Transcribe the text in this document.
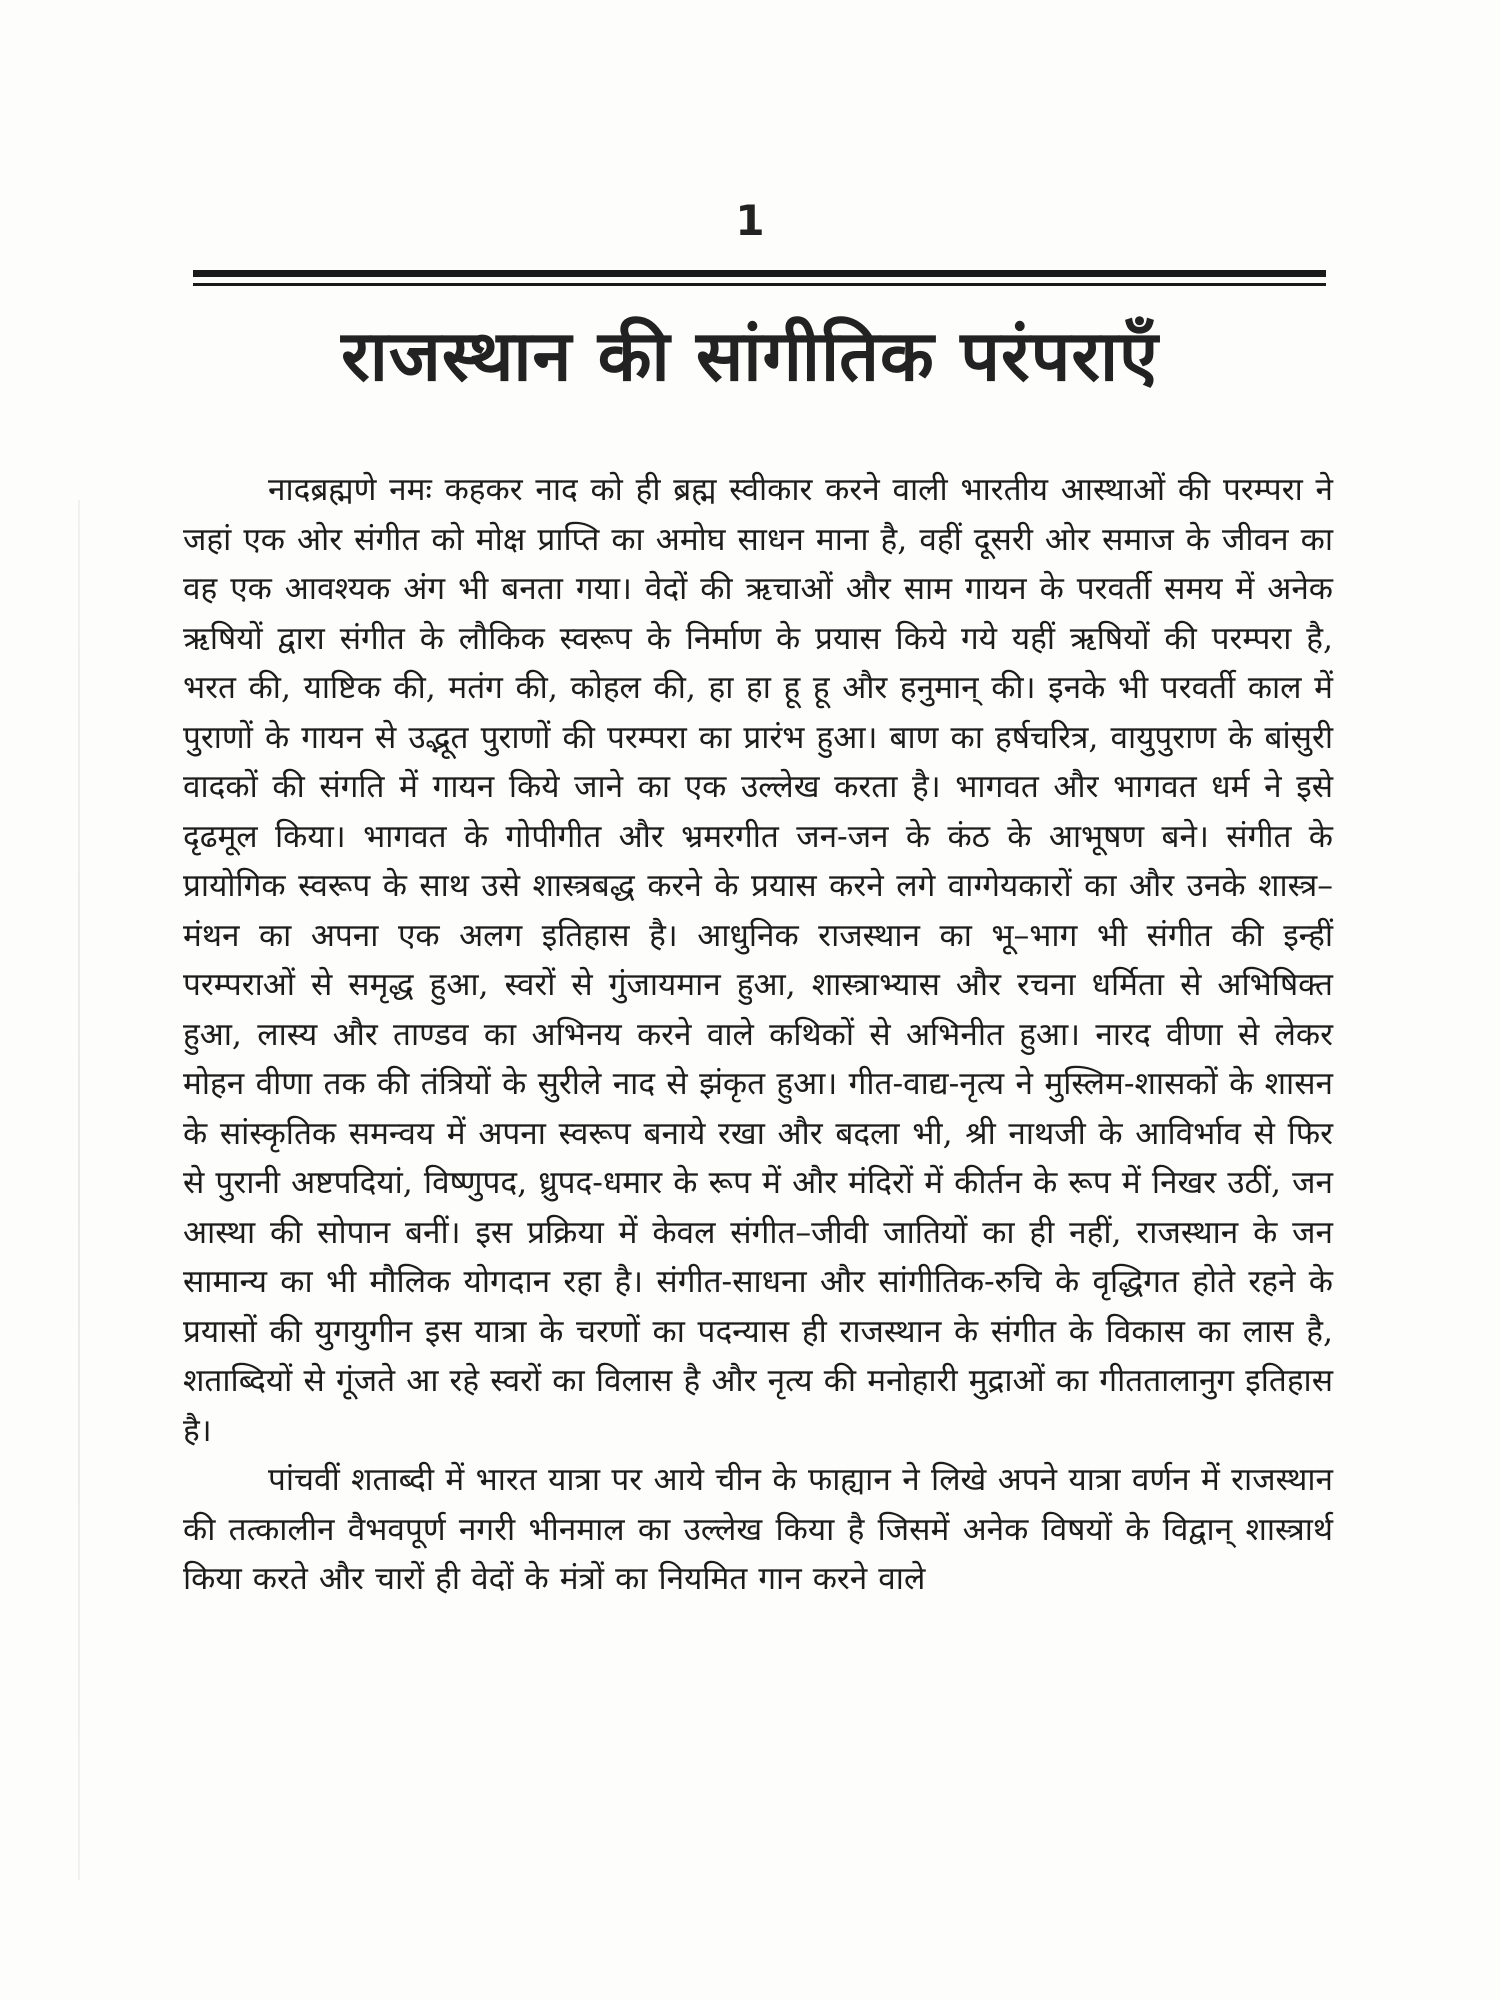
1
राजस्थान की सांगीतिक परंपराएँ

नादब्रह्मणे नमः कहकर नाद को ही ब्रह्म स्वीकार करने वाली भारतीय आस्थाओं की परम्परा ने जहां एक ओर संगीत को मोक्ष प्राप्ति का अमोघ साधन माना है, वहीं दूसरी ओर समाज के जीवन का वह एक आवश्यक अंग भी बनता गया। वेदों की ऋचाओं और साम गायन के परवर्ती समय में अनेक ऋषियों द्वारा संगीत के लौकिक स्वरूप के निर्माण के प्रयास किये गये यहीं ऋषियों की परम्परा है, भरत की, याष्टिक की, मतंग की, कोहल की, हा हा हू हू और हनुमान् की। इनके भी परवर्ती काल में पुराणों के गायन से उद्भूत पुराणों की परम्परा का प्रारंभ हुआ। बाण का हर्षचरित्र, वायुपुराण के बांसुरी वादकों की संगति में गायन किये जाने का एक उल्लेख करता है। भागवत और भागवत धर्म ने इसे दृढमूल किया। भागवत के गोपीगीत और भ्रमरगीत जन-जन के कंठ के आभूषण बने। संगीत के प्रायोगिक स्वरूप के साथ उसे शास्त्रबद्ध करने के प्रयास करने लगे वाग्गेयकारों का और उनके शास्त्र–मंथन का अपना एक अलग इतिहास है। आधुनिक राजस्थान का भू–भाग भी संगीत की इन्हीं परम्पराओं से समृद्ध हुआ, स्वरों से गुंजायमान हुआ, शास्त्राभ्यास और रचना धर्मिता से अभिषिक्त हुआ, लास्य और ताण्डव का अभिनय करने वाले कथिकों से अभिनीत हुआ। नारद वीणा से लेकर मोहन वीणा तक की तंत्रियों के सुरीले नाद से झंकृत हुआ। गीत-वाद्य-नृत्य ने मुस्लिम-शासकों के शासन के सांस्कृतिक समन्वय में अपना स्वरूप बनाये रखा और बदला भी, श्री नाथजी के आविर्भाव से फिर से पुरानी अष्टपदियां, विष्णुपद, ध्रुपद-धमार के रूप में और मंदिरों में कीर्तन के रूप में निखर उठीं, जन आस्था की सोपान बनीं। इस प्रक्रिया में केवल संगीत–जीवी जातियों का ही नहीं, राजस्थान के जन सामान्य का भी मौलिक योगदान रहा है। संगीत-साधना और सांगीतिक-रुचि के वृद्धिगत होते रहने के प्रयासों की युगयुगीन इस यात्रा के चरणों का पदन्यास ही राजस्थान के संगीत के विकास का लास है, शताब्दियों से गूंजते आ रहे स्वरों का विलास है और नृत्य की मनोहारी मुद्राओं का गीततालानुग इतिहास है।

पांचवीं शताब्दी में भारत यात्रा पर आये चीन के फाह्यान ने लिखे अपने यात्रा वर्णन में राजस्थान की तत्कालीन वैभवपूर्ण नगरी भीनमाल का उल्लेख किया है जिसमें अनेक विषयों के विद्वान् शास्त्रार्थ किया करते और चारों ही वेदों के मंत्रों का नियमित गान करने वाले
